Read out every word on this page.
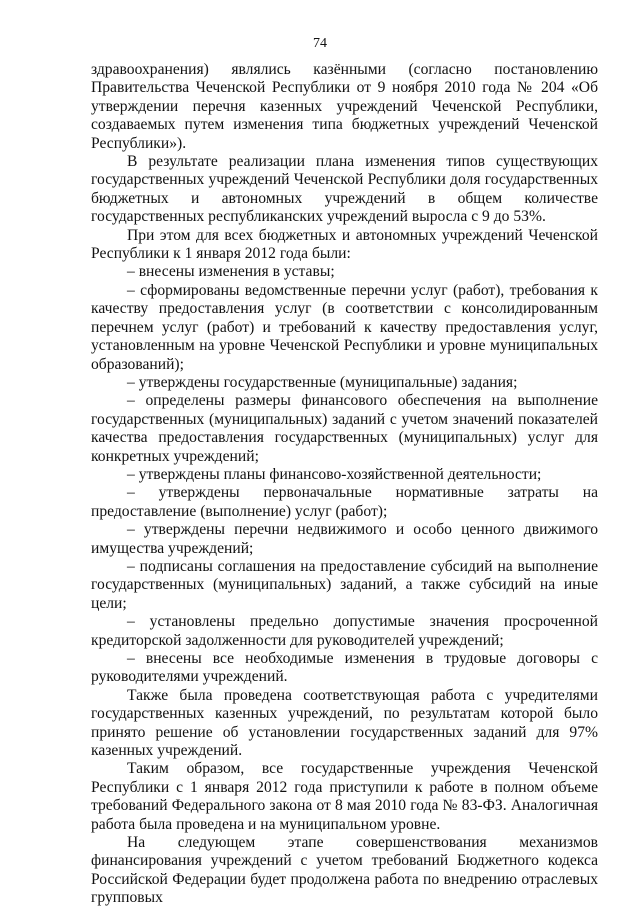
74

здравоохранения) являлись казёнными (согласно постановлению Правительства Чеченской Республики от 9 ноября 2010 года № 204 «Об утверждении перечня казенных учреждений Чеченской Республики, создаваемых путем изменения типа бюджетных учреждений Чеченской Республики»).

В результате реализации плана изменения типов существующих государственных учреждений Чеченской Республики доля государственных бюджетных и автономных учреждений в общем количестве государственных республиканских учреждений выросла с 9 до 53%.

При этом для всех бюджетных и автономных учреждений Чеченской Республики к 1 января 2012 года были:

– внесены изменения в уставы;

– сформированы ведомственные перечни услуг (работ), требования к качеству предоставления услуг (в соответствии с консолидированным перечнем услуг (работ) и требований к качеству предоставления услуг, установленным на уровне Чеченской Республики и уровне муниципальных образований);

– утверждены государственные (муниципальные) задания;

– определены размеры финансового обеспечения на выполнение государственных (муниципальных) заданий с учетом значений показателей качества предоставления государственных (муниципальных) услуг для конкретных учреждений;

– утверждены планы финансово-хозяйственной деятельности;

– утверждены первоначальные нормативные затраты на предоставление (выполнение) услуг (работ);

– утверждены перечни недвижимого и особо ценного движимого имущества учреждений;

– подписаны соглашения на предоставление субсидий на выполнение государственных (муниципальных) заданий, а также субсидий на иные цели;

– установлены предельно допустимые значения просроченной кредиторской задолженности для руководителей учреждений;

– внесены все необходимые изменения в трудовые договоры с руководителями учреждений.

Также была проведена соответствующая работа с учредителями государственных казенных учреждений, по результатам которой было принято решение об установлении государственных заданий для 97% казенных учреждений.

Таким образом, все государственные учреждения Чеченской Республики с 1 января 2012 года приступили к работе в полном объеме требований Федерального закона от 8 мая 2010 года № 83-ФЗ. Аналогичная работа была проведена и на муниципальном уровне.

На следующем этапе совершенствования механизмов финансирования учреждений с учетом требований Бюджетного кодекса Российской Федерации будет продолжена работа по внедрению отраслевых групповых
